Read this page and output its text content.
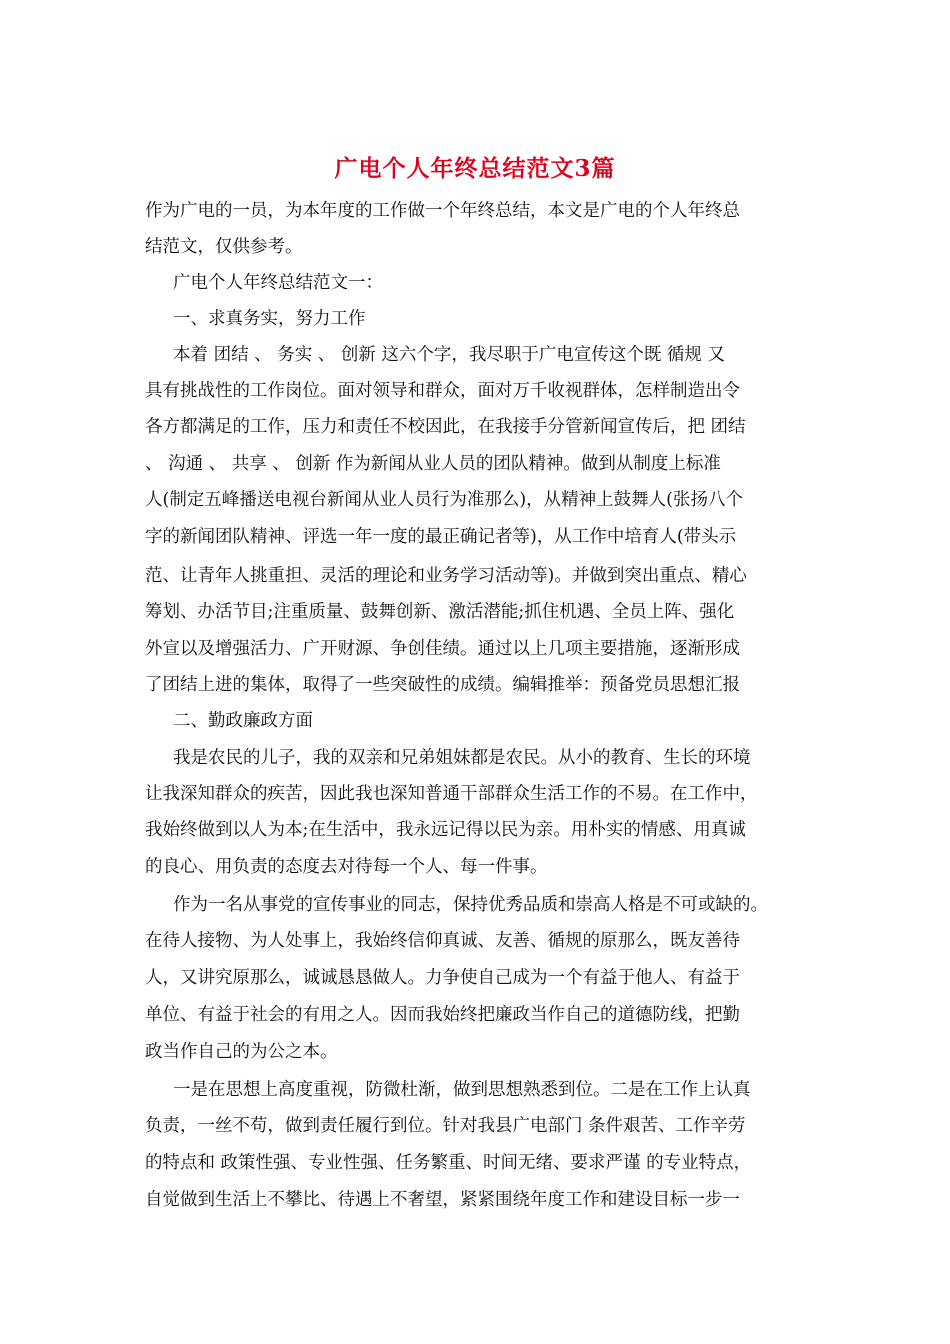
广电个人年终总结范文3篇
作为广电的一员，为本年度的工作做一个年终总结，本文是广电的个人年终总
结范文，仅供参考。
广电个人年终总结范文一：
一、求真务实，努力工作
本着 团结 、 务实 、 创新 这六个字，我尽职于广电宣传这个既 循规 又
具有挑战性的工作岗位。面对领导和群众，面对万千收视群体，怎样制造出令
各方都满足的工作，压力和责任不校因此，在我接手分管新闻宣传后，把 团结
、 沟通 、 共享 、 创新 作为新闻从业人员的团队精神。做到从制度上标准
人(制定五峰播送电视台新闻从业人员行为准那么)，从精神上鼓舞人(张扬八个
字的新闻团队精神、评选一年一度的最正确记者等)，从工作中培育人(带头示
范、让青年人挑重担、灵活的理论和业务学习活动等)。并做到突出重点、精心
筹划、办活节目;注重质量、鼓舞创新、激活潜能;抓住机遇、全员上阵、强化
外宣以及增强活力、广开财源、争创佳绩。通过以上几项主要措施，逐渐形成
了团结上进的集体，取得了一些突破性的成绩。编辑推举：预备党员思想汇报
二、勤政廉政方面
我是农民的儿子，我的双亲和兄弟姐妹都是农民。从小的教育、生长的环境
让我深知群众的疾苦，因此我也深知普通干部群众生活工作的不易。在工作中，
我始终做到以人为本;在生活中，我永远记得以民为亲。用朴实的情感、用真诚
的良心、用负责的态度去对待每一个人、每一件事。
作为一名从事党的宣传事业的同志，保持优秀品质和崇高人格是不可或缺的。
在待人接物、为人处事上，我始终信仰真诚、友善、循规的原那么，既友善待
人，又讲究原那么，诚诚恳恳做人。力争使自己成为一个有益于他人、有益于
单位、有益于社会的有用之人。因而我始终把廉政当作自己的道德防线，把勤
政当作自己的为公之本。
一是在思想上高度重视，防微杜渐，做到思想熟悉到位。二是在工作上认真
负责，一丝不苟，做到责任履行到位。针对我县广电部门 条件艰苦、工作辛劳
的特点和 政策性强、专业性强、任务繁重、时间无绪、要求严谨 的专业特点，
自觉做到生活上不攀比、待遇上不奢望，紧紧围绕年度工作和建设目标一步一
